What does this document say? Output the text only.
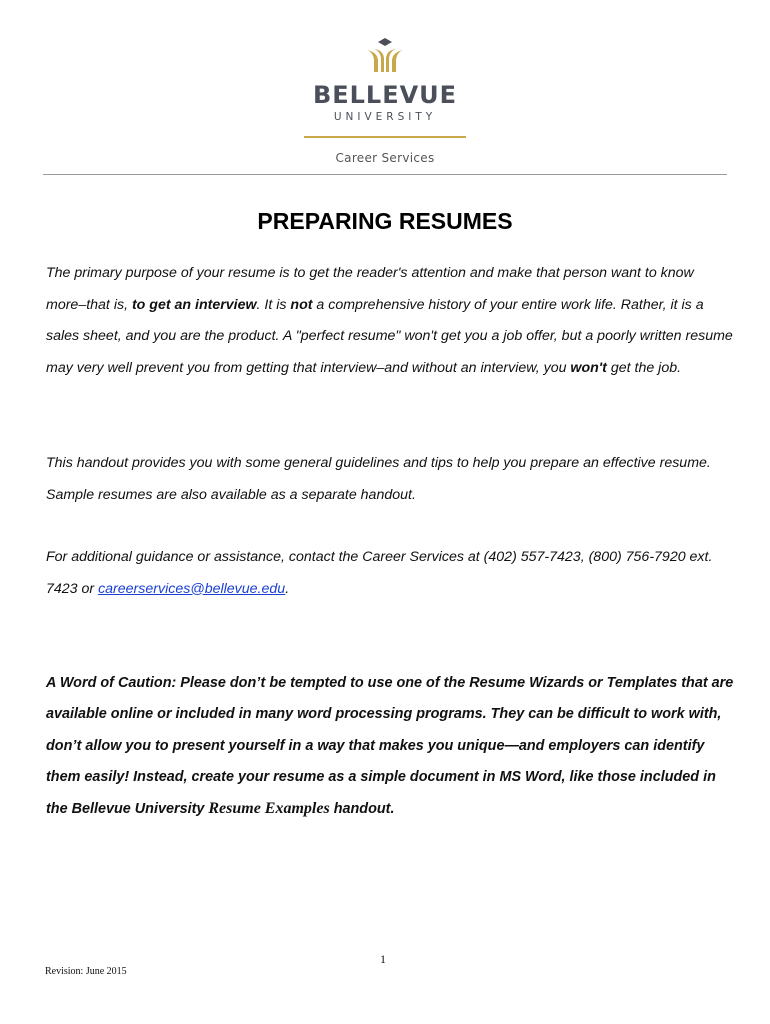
BELLEVUE
UNIVERSITY
Career Services
PREPARING RESUMES

The primary purpose of your resume is to get the reader's attention and make that person want to know more–that is, to get an interview. It is not a comprehensive history of your entire work life. Rather, it is a sales sheet, and you are the product. A "perfect resume" won't get you a job offer, but a poorly written resume may very well prevent you from getting that interview–and without an interview, you won't get the job.

This handout provides you with some general guidelines and tips to help you prepare an effective resume. Sample resumes are also available as a separate handout.

For additional guidance or assistance, contact the Career Services at (402) 557-7423, (800) 756-7920 ext. 7423 or careerservices@bellevue.edu.

A Word of Caution: Please don’t be tempted to use one of the Resume Wizards or Templates that are available online or included in many word processing programs. They can be difficult to work with, don’t allow you to present yourself in a way that makes you unique—and employers can identify them easily! Instead, create your resume as a simple document in MS Word, like those included in the Bellevue University Resume Examples handout.

1
Revision: June 2015
